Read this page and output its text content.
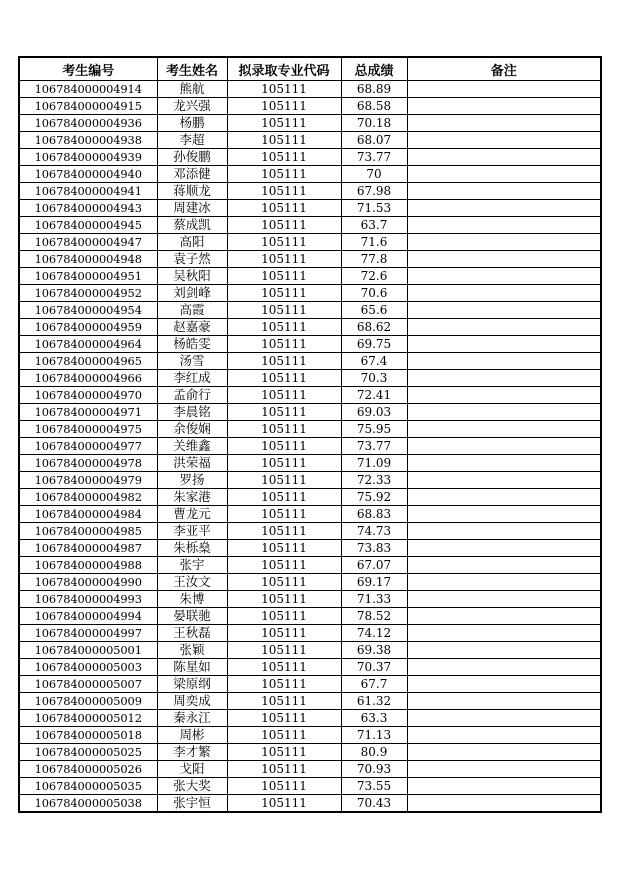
考生编号	考生姓名	拟录取专业代码	总成绩	备注
106784000004914	熊航	105111	68.89	
106784000004915	龙兴强	105111	68.58	
106784000004936	杨鹏	105111	70.18	
106784000004938	李超	105111	68.07	
106784000004939	孙俊鹏	105111	73.77	
106784000004940	邓添健	105111	70	
106784000004941	蒋顺龙	105111	67.98	
106784000004943	周建冰	105111	71.53	
106784000004945	蔡成凯	105111	63.7	
106784000004947	高阳	105111	71.6	
106784000004948	袁子然	105111	77.8	
106784000004951	吴秋阳	105111	72.6	
106784000004952	刘剑峰	105111	70.6	
106784000004954	高霞	105111	65.6	
106784000004959	赵嘉豪	105111	68.62	
106784000004964	杨皓雯	105111	69.75	
106784000004965	汤雪	105111	67.4	
106784000004966	李红成	105111	70.3	
106784000004970	孟俞行	105111	72.41	
106784000004971	李晨铭	105111	69.03	
106784000004975	余俊娴	105111	75.95	
106784000004977	关维鑫	105111	73.77	
106784000004978	洪荣福	105111	71.09	
106784000004979	罗扬	105111	72.33	
106784000004982	朱家港	105111	75.92	
106784000004984	曹龙元	105111	68.83	
106784000004985	李亚平	105111	74.73	
106784000004987	朱栎燊	105111	73.83	
106784000004988	张宇	105111	67.07	
106784000004990	王汝文	105111	69.17	
106784000004993	朱博	105111	71.33	
106784000004994	晏联驰	105111	78.52	
106784000004997	王秋磊	105111	74.12	
106784000005001	张颖	105111	69.38	
106784000005003	陈星如	105111	70.37	
106784000005007	梁原纲	105111	67.7	
106784000005009	周奕成	105111	61.32	
106784000005012	秦永江	105111	63.3	
106784000005018	周彬	105111	71.13	
106784000005025	李才繁	105111	80.9	
106784000005026	戈阳	105111	70.93	
106784000005035	张大奖	105111	73.55	
106784000005038	张宇恒	105111	70.43	
